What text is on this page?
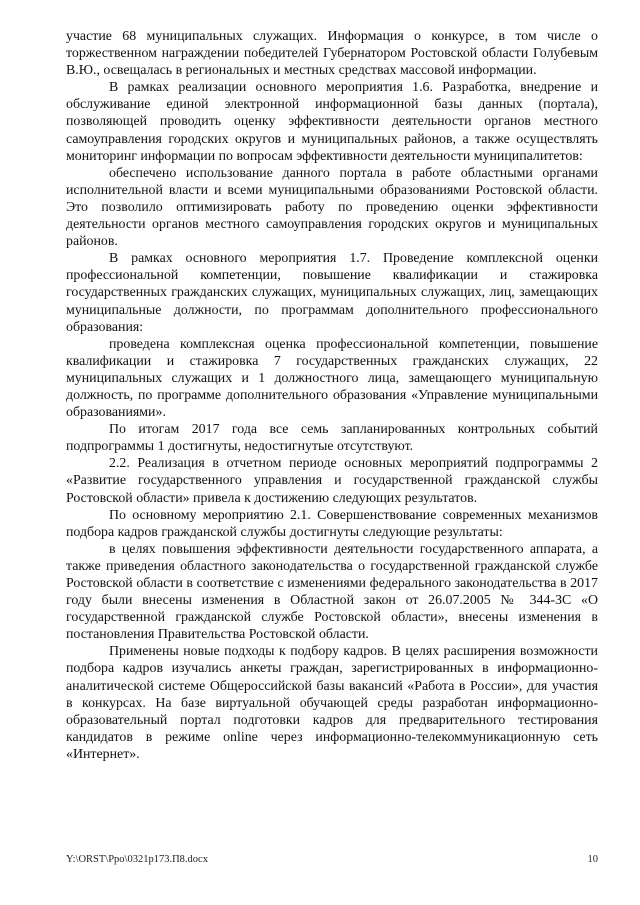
участие 68 муниципальных служащих. Информация о конкурсе, в том числе о торжественном награждении победителей Губернатором Ростовской области Голубевым В.Ю., освещалась в региональных и местных средствах массовой информации.

В рамках реализации основного мероприятия 1.6. Разработка, внедрение и обслуживание единой электронной информационной базы данных (портала), позволяющей проводить оценку эффективности деятельности органов местного самоуправления городских округов и муниципальных районов, а также осуществлять мониторинг информации по вопросам эффективности деятельности муниципалитетов:

обеспечено использование данного портала в работе областными органами исполнительной власти и всеми муниципальными образованиями Ростовской области. Это позволило оптимизировать работу по проведению оценки эффективности деятельности органов местного самоуправления городских округов и муниципальных районов.

В рамках основного мероприятия 1.7. Проведение комплексной оценки профессиональной компетенции, повышение квалификации и стажировка государственных гражданских служащих, муниципальных служащих, лиц, замещающих муниципальные должности, по программам дополнительного профессионального образования:

проведена комплексная оценка профессиональной компетенции, повышение квалификации и стажировка 7 государственных гражданских служащих, 22 муниципальных служащих и 1 должностного лица, замещающего муниципальную должность, по программе дополнительного образования «Управление муниципальными образованиями».

По итогам 2017 года все семь запланированных контрольных событий подпрограммы 1 достигнуты, недостигнутые отсутствуют.

2.2. Реализация в отчетном периоде основных мероприятий подпрограммы 2 «Развитие государственного управления и государственной гражданской службы Ростовской области» привела к достижению следующих результатов.

По основному мероприятию 2.1. Совершенствование современных механизмов подбора кадров гражданской службы достигнуты следующие результаты:

в целях повышения эффективности деятельности государственного аппарата, а также приведения областного законодательства о государственной гражданской службе Ростовской области в соответствие с изменениями федерального законодательства в 2017 году были внесены изменения в Областной закон от 26.07.2005 № 344-ЗС «О государственной гражданской службе Ростовской области», внесены изменения в постановления Правительства Ростовской области.

Применены новые подходы к подбору кадров. В целях расширения возможности подбора кадров изучались анкеты граждан, зарегистрированных в информационно-аналитической системе Общероссийской базы вакансий «Работа в России», для участия в конкурсах. На базе виртуальной обучающей среды разработан информационно-образовательный портал подготовки кадров для предварительного тестирования кандидатов в режиме online через информационно-телекоммуникационную сеть «Интернет».

Y:\ORST\Ppo\0321p173.П8.docx	10
